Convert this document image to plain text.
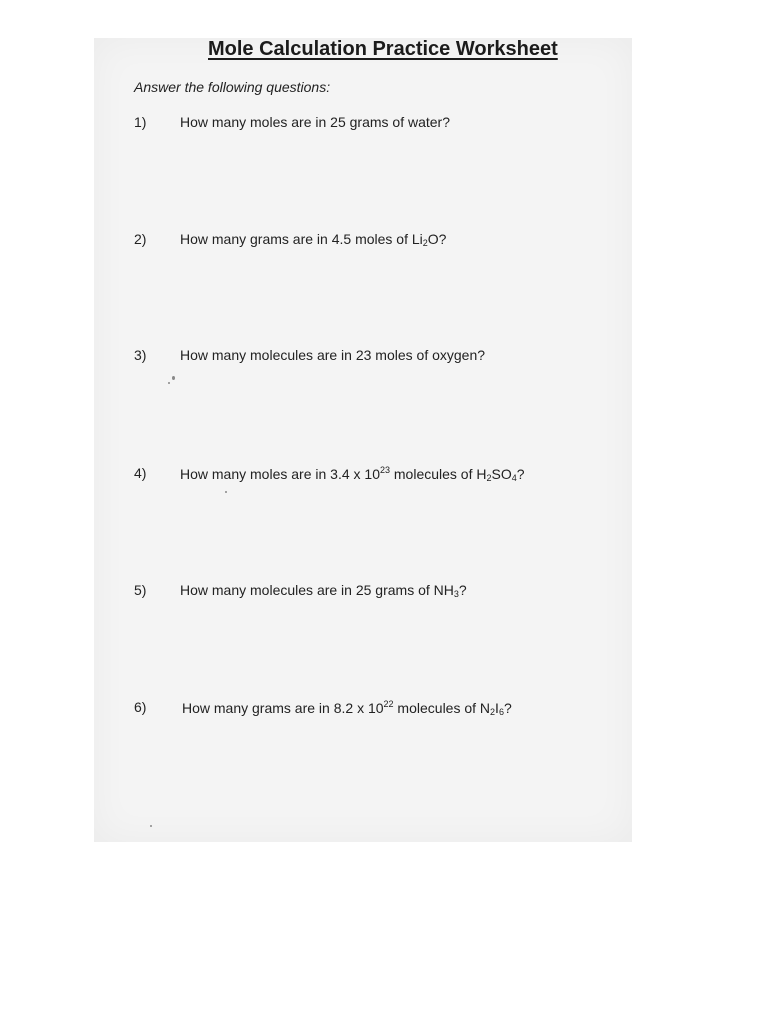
Mole Calculation Practice Worksheet
Answer the following questions:
1) How many moles are in 25 grams of water?
2) How many grams are in 4.5 moles of $Li_2O$?
3) How many molecules are in 23 moles of oxygen?
4) How many moles are in 3.4 x $10^{23}$ molecules of $H_2SO_4$?
5) How many molecules are in 25 grams of $NH_3$?
6)	How many grams are in 8.2 x $10^{22}$ molecules of $N_2I_6$?
